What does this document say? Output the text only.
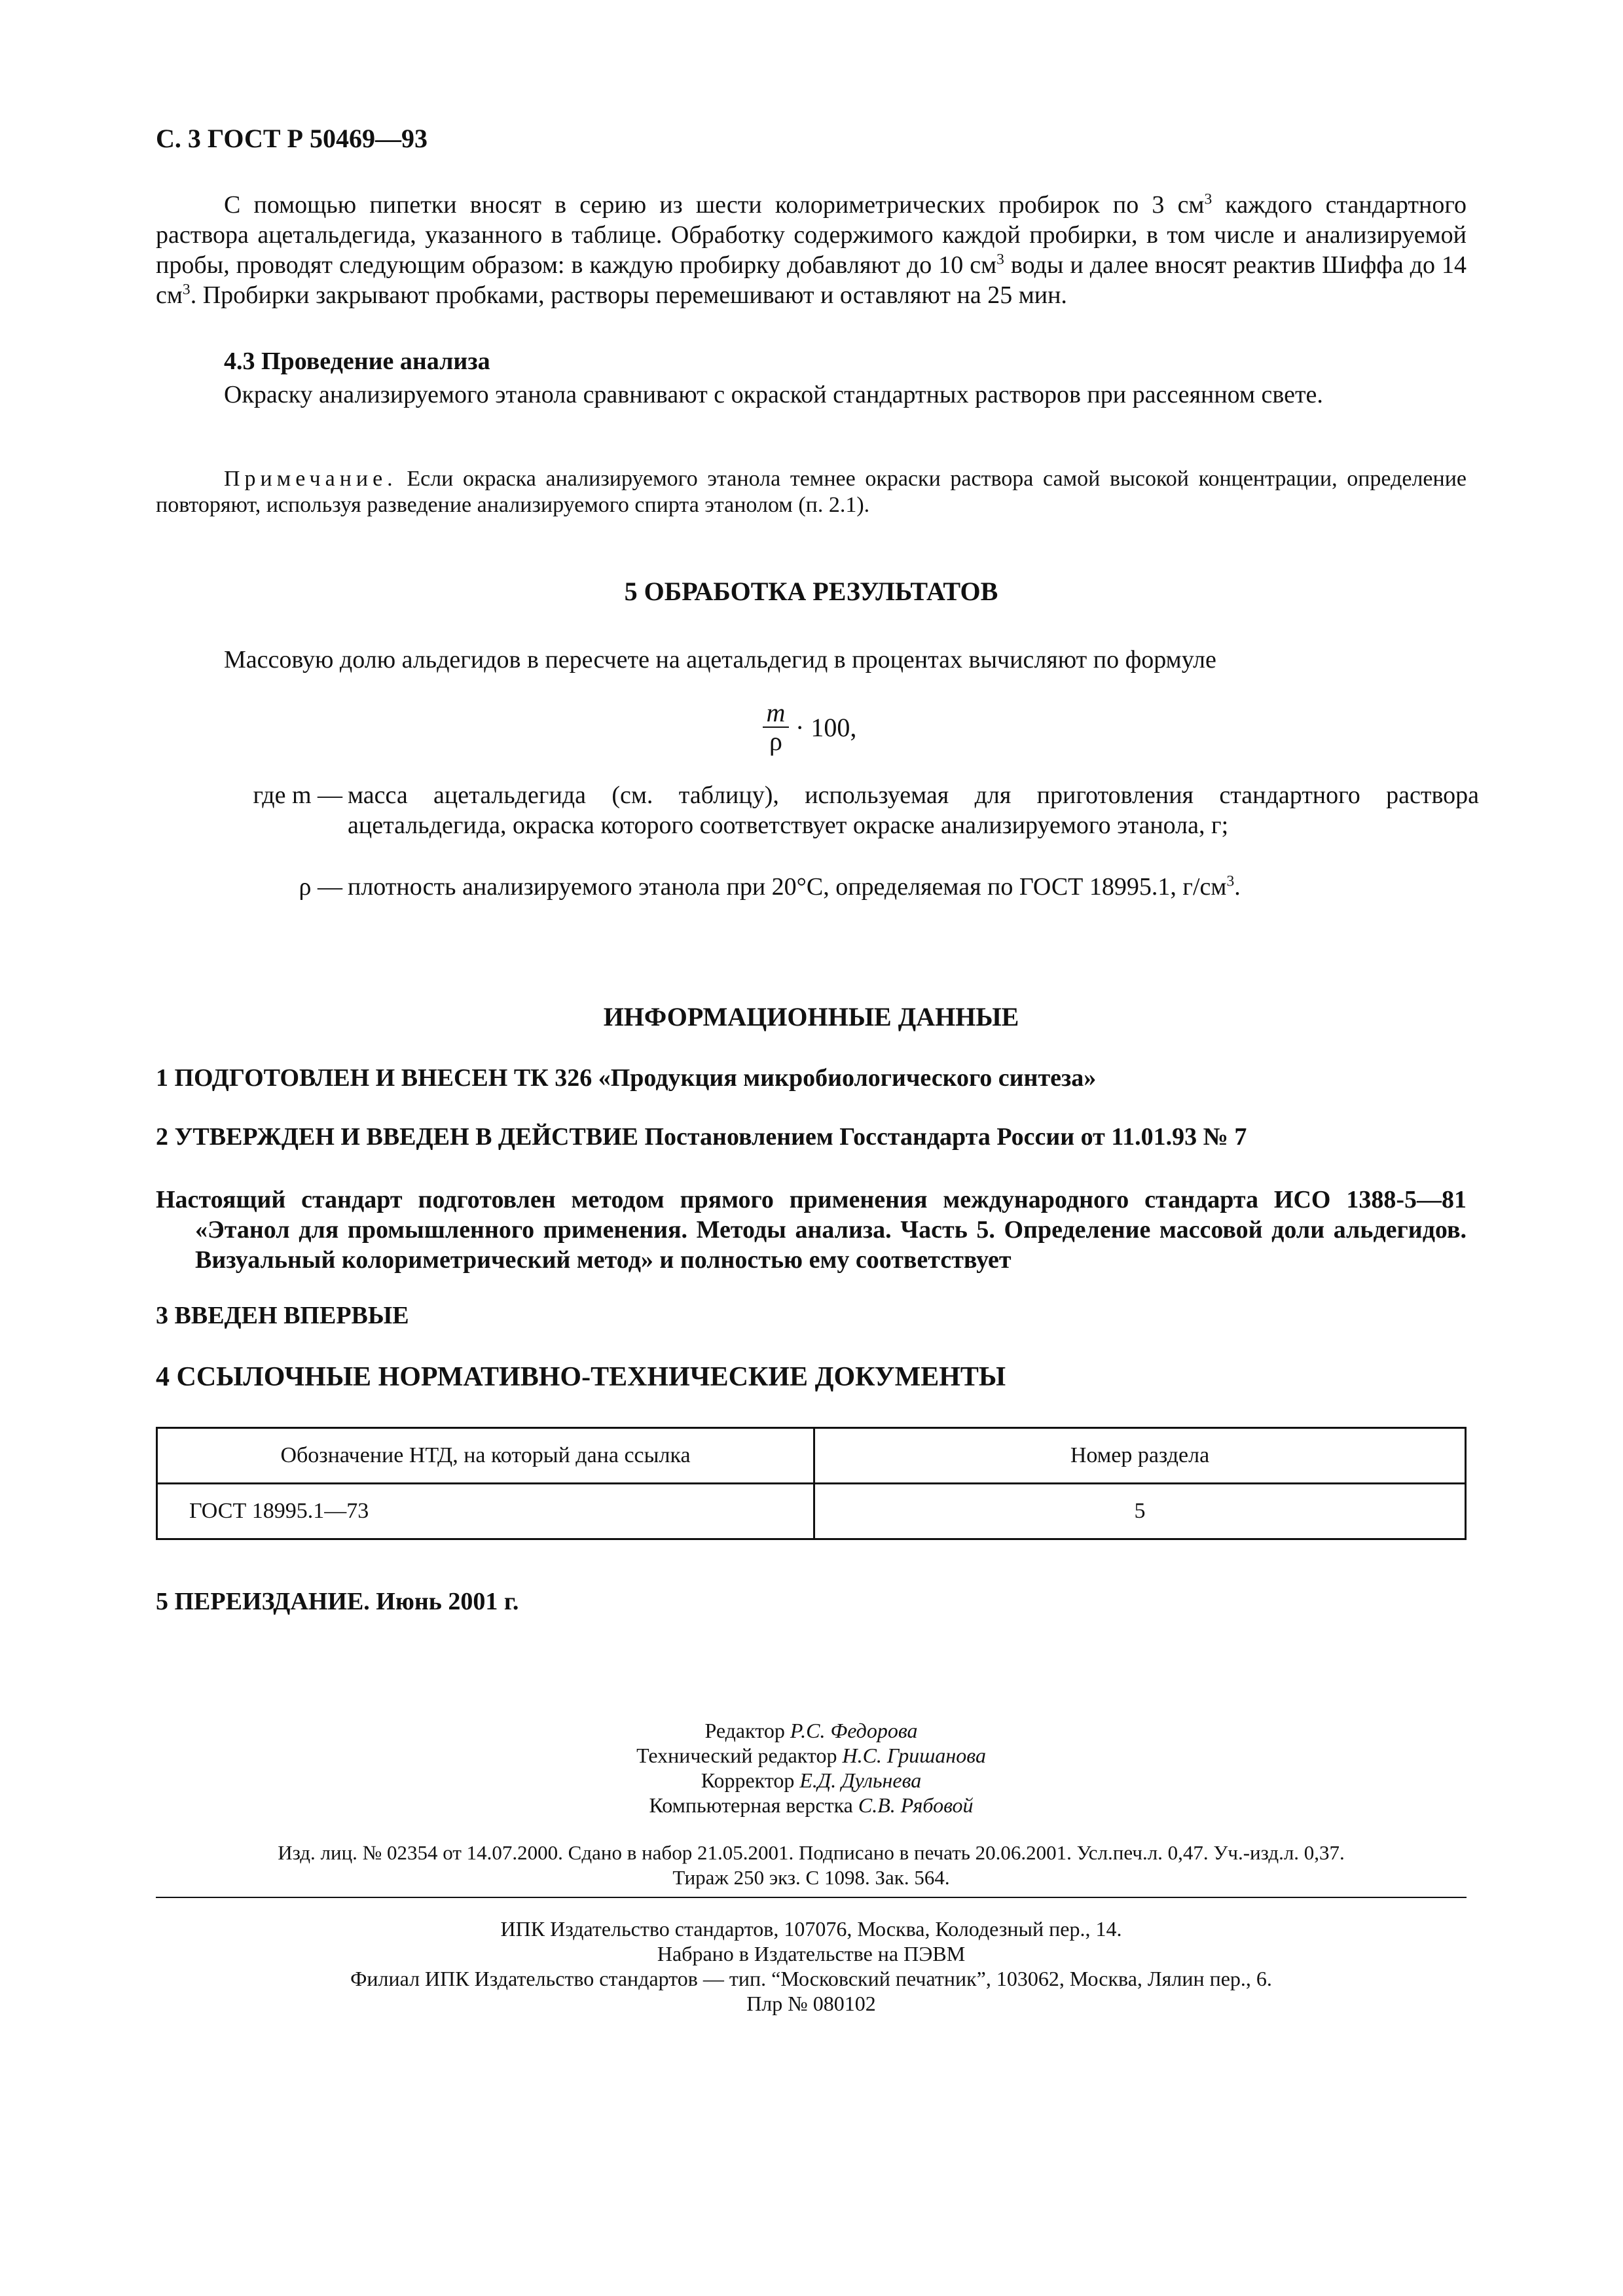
С. 3 ГОСТ Р 50469—93
С помощью пипетки вносят в серию из шести колориметрических пробирок по 3 $см^3$ каждого стандартного раствора ацетальдегида, указанного в таблице. Обработку содержимого каждой пробирки, в том числе и анализируемой пробы, проводят следующим образом: в каждую пробирку добавляют до 10 $см^3$ воды и далее вносят реактив Шиффа до 14 $см^3$. Пробирки закрывают пробками, растворы перемешивают и оставляют на 25 мин.
4.3 Проведение анализа
Окраску анализируемого этанола сравнивают с окраской стандартных растворов при рассеянном свете.
Примечание. Если окраска анализируемого этанола темнее окраски раствора самой высокой концентрации, определение повторяют, используя разведение анализируемого спирта этанолом (п. 2.1).
5 ОБРАБОТКА РЕЗУЛЬТАТОВ
Массовую долю альдегидов в пересчете на ацетальдегид в процентах вычисляют по формуле
m
ρ · 100,
где m — масса ацетальдегида (см. таблицу), используемая для приготовления стандартного раствора ацетальдегида, окраска которого соответствует окраске анализируемого этанола, г;
ρ — плотность анализируемого этанола при 20°С, определяемая по ГОСТ 18995.1, $г/см^3$.
ИНФОРМАЦИОННЫЕ ДАННЫЕ
1 ПОДГОТОВЛЕН И ВНЕСЕН ТК 326 «Продукция микробиологического синтеза»
2 УТВЕРЖДЕН И ВВЕДЕН В ДЕЙСТВИЕ Постановлением Госстандарта России от 11.01.93 № 7
Настоящий стандарт подготовлен методом прямого применения международного стандарта ИСО 1388-5—81 «Этанол для промышленного применения. Методы анализа. Часть 5. Определение массовой доли альдегидов. Визуальный колориметрический метод» и полностью ему соответствует
3 ВВЕДЕН ВПЕРВЫЕ
4 ССЫЛОЧНЫЕ НОРМАТИВНО-ТЕХНИЧЕСКИЕ ДОКУМЕНТЫ
Обозначение НТД, на который дана ссылка	Номер раздела
ГОСТ 18995.1—73	5
5 ПЕРЕИЗДАНИЕ. Июнь 2001 г.
Редактор Р.С. Федорова
Технический редактор Н.С. Гришанова
Корректор Е.Д. Дульнева
Компьютерная верстка С.В. Рябовой
Изд. лиц. № 02354 от 14.07.2000. Сдано в набор 21.05.2001. Подписано в печать 20.06.2001. Усл.печ.л. 0,47. Уч.-изд.л. 0,37.
Тираж 250 экз. С 1098. Зак. 564.
ИПК Издательство стандартов, 107076, Москва, Колодезный пер., 14.
Набрано в Издательстве на ПЭВМ
Филиал ИПК Издательство стандартов — тип. “Московский печатник”, 103062, Москва, Лялин пер., 6.
Плр № 080102
